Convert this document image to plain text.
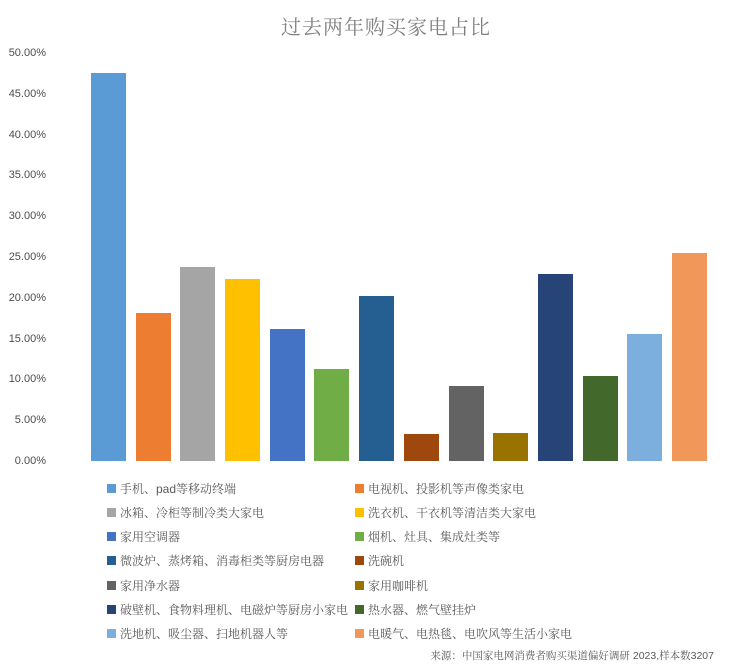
过去两年购买家电占比
0.00%
5.00%
10.00%
15.00%
20.00%
25.00%
30.00%
35.00%
40.00%
45.00%
50.00%
手机、pad等移动终端	电视机、投影机等声像类家电
冰箱、冷柜等制冷类大家电	洗衣机、干衣机等清洁类大家电
家用空调器	烟机、灶具、集成灶类等
微波炉、蒸烤箱、消毒柜类等厨房电器	洗碗机
家用净水器	家用咖啡机
破壁机、食物料理机、电磁炉等厨房小家电 热水器、燃气壁挂炉
洗地机、吸尘器、扫地机器人等	电暖气、电热毯、电吹风等生活小家电
来源：中国家电网消费者购买渠道偏好调研 2023,样本数3207
